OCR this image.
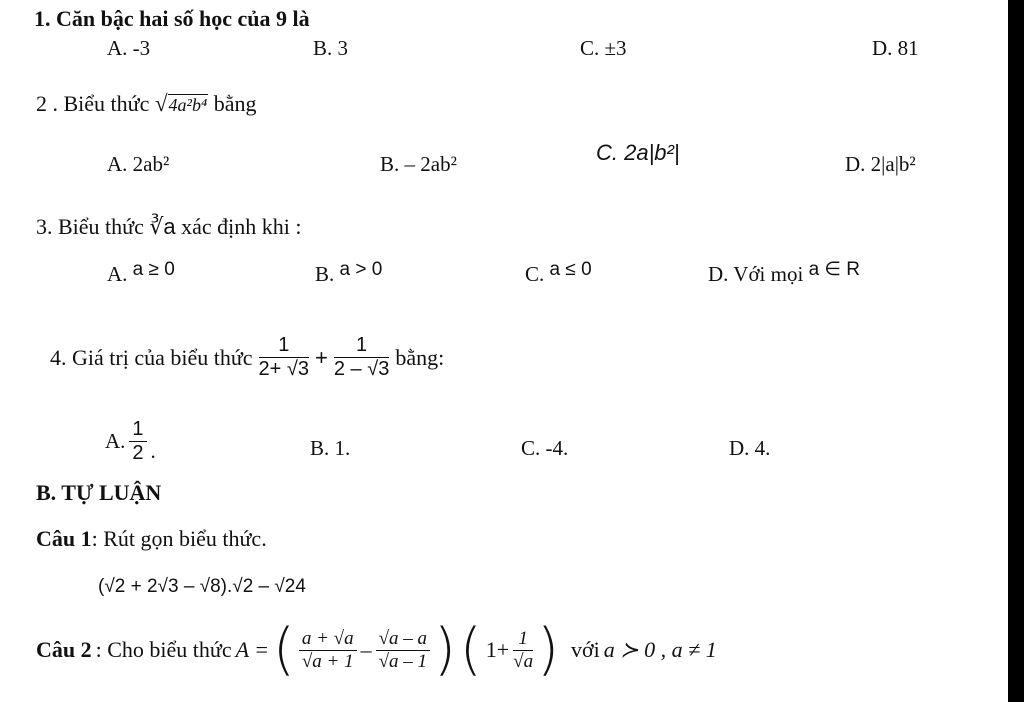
1. Căn bậc hai số học của 9 là
A. -3	B. 3	C. ±3	D. 81
2 . Biểu thức √4a²b⁴ bằng
A. 2ab²	B. – 2ab²	C. 2a|b²|	D. 2|a|b²
3. Biểu thức ∛a xác định khi :
A. a ≥ 0	B. a > 0	C. a ≤ 0	D. Với mọi a ∈ R
4. Giá trị của biểu thức $\frac{1}{2+ √3} + \frac{1}{2 - √3}$ bằng:
A. $\frac{1}{2}$ .	B. 1.	C. -4.	D. 4.
B. TỰ LUẬN
Câu 1: Rút gọn biểu thức.
(√2 + 2√3 – √8).√2 – √24
Câu 2 : Cho biểu thức A = ( $\frac{a + √a}{√a + 1} - \frac{√a - a}{√a - 1}$ ) ( $1+ \frac{1}{√a}$ ) với a ≻ 0 , a ≠ 1
